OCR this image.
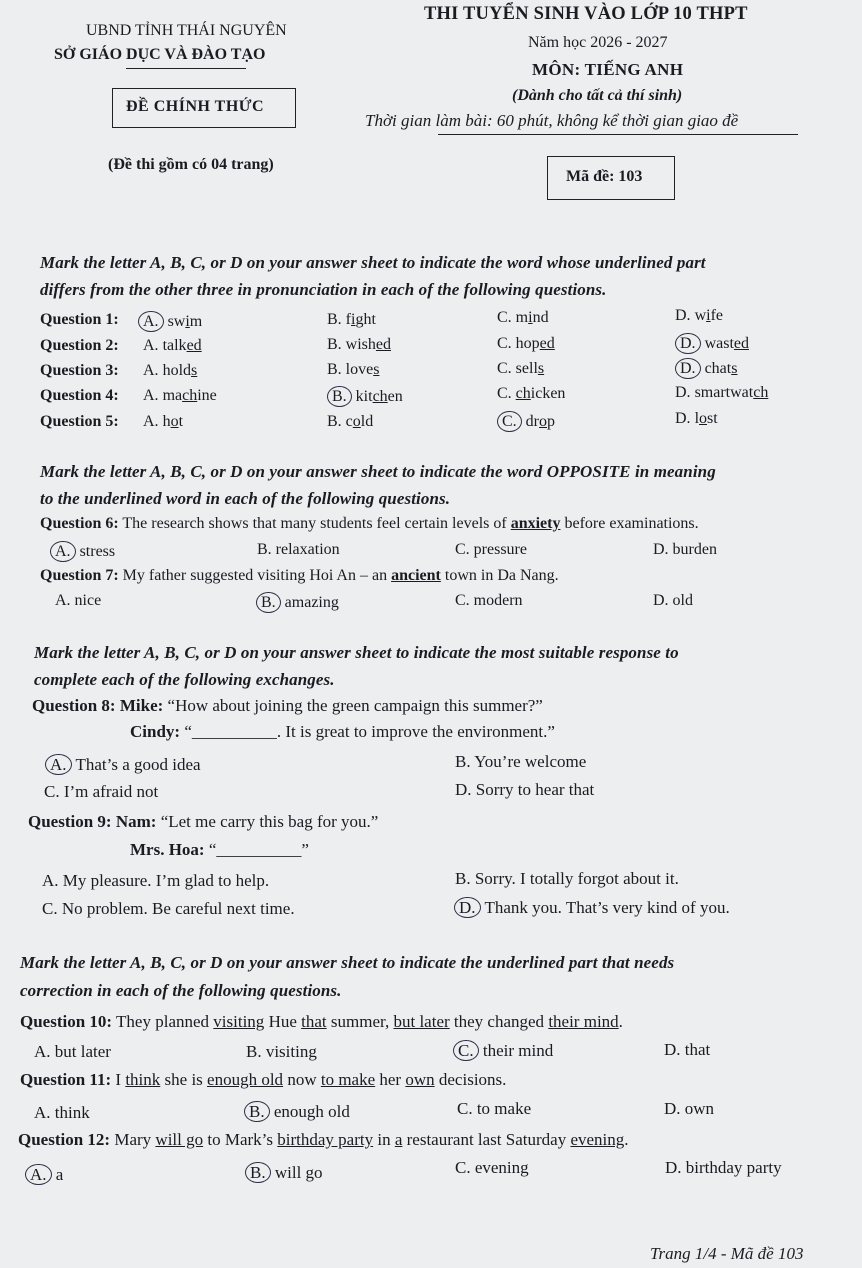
UBND TỈNH THÁI NGUYÊN
SỞ GIÁO DỤC VÀ ĐÀO TẠO
ĐỀ CHÍNH THỨC
(Đề thi gồm có 04 trang)
THI TUYỂN SINH VÀO LỚP 10 THPT
Năm học 2026 - 2027
MÔN: TIẾNG ANH
(Dành cho tất cả thí sinh)
Thời gian làm bài: 60 phút, không kể thời gian giao đề
Mã đề: 103
Mark the letter A, B, C, or D on your answer sheet to indicate the word whose underlined part
differs from the other three in pronunciation in each of the following questions.
Question 1: A. swim	B. fight	C. mind	D. wife
Question 2: A. talked	B. wished	C. hoped	D. wasted
Question 3: A. holds	B. loves	C. sells	D. chats
Question 4: A. machine	B. kitchen	C. chicken	D. smartwatch
Question 5: A. hot	B. cold	C. drop	D. lost
Mark the letter A, B, C, or D on your answer sheet to indicate the word OPPOSITE in meaning
to the underlined word in each of the following questions.
Question 6: The research shows that many students feel certain levels of anxiety before examinations.
A. stress	B. relaxation	C. pressure	D. burden
Question 7: My father suggested visiting Hoi An – an ancient town in Da Nang.
A. nice	B. amazing	C. modern	D. old
Mark the letter A, B, C, or D on your answer sheet to indicate the most suitable response to
complete each of the following exchanges.
Question 8: Mike: “How about joining the green campaign this summer?”
Cindy: “__________. It is great to improve the environment.”
A. That’s a good idea	B. You’re welcome
C. I’m afraid not	D. Sorry to hear that
Question 9: Nam: “Let me carry this bag for you.”
Mrs. Hoa: “__________”
A. My pleasure. I’m glad to help.	B. Sorry. I totally forgot about it.
C. No problem. Be careful next time.	D. Thank you. That’s very kind of you.
Mark the letter A, B, C, or D on your answer sheet to indicate the underlined part that needs
correction in each of the following questions.
Question 10: They planned visiting Hue that summer, but later they changed their mind.
A. but later	B. visiting	C. their mind	D. that
Question 11: I think she is enough old now to make her own decisions.
A. think	B. enough old	C. to make	D. own
Question 12: Mary will go to Mark’s birthday party in a restaurant last Saturday evening.
A. a	B. will go	C. evening	D. birthday party
Trang 1/4 - Mã đề 103
